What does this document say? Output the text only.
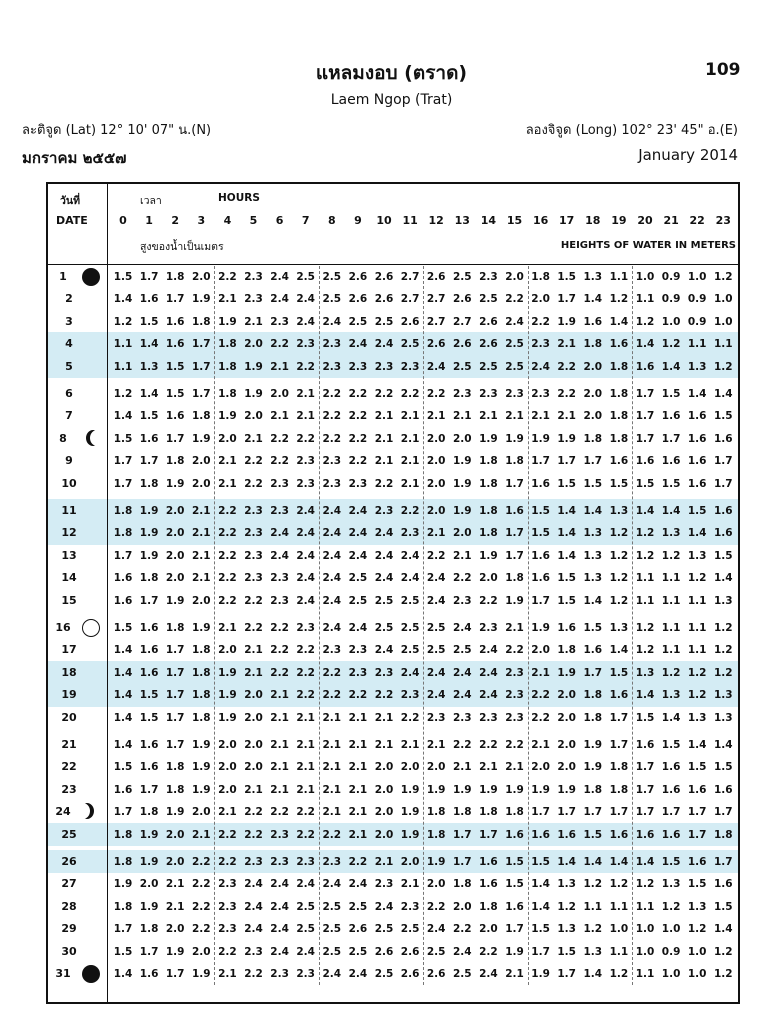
แหลมงอบ (ตราด)	109
Laem Ngop (Trat)
ละติจูด (Lat) 12° 10' 07" น.(N)	ลองจิจูด (Long) 102° 23' 45" อ.(E)
มกราคม ๒๕๕๗	January 2014
วันที่
DATE
เวลา	HOURS
สูงของน้ำเป็นเมตร	HEIGHTS OF WATER IN METERS
0	1	2	3	4	5	6	7	8	9	10 11 12 13 14 15 16 17 18 19 20 21 22 23
1	1.5 1.7 1.8 2.0 2.2 2.3 2.4 2.5 2.5 2.6 2.6 2.7 2.6 2.5 2.3 2.0 1.8 1.5 1.3 1.1 1.0 0.9 1.0 1.2
2	1.4 1.6 1.7 1.9 2.1 2.3 2.4 2.4 2.5 2.6 2.6 2.7 2.7 2.6 2.5 2.2 2.0 1.7 1.4 1.2 1.1 0.9 0.9 1.0
3	1.2 1.5 1.6 1.8 1.9 2.1 2.3 2.4 2.4 2.5 2.5 2.6 2.7 2.7 2.6 2.4 2.2 1.9 1.6 1.4 1.2 1.0 0.9 1.0
4	1.1 1.4 1.6 1.7 1.8 2.0 2.2 2.3 2.3 2.4 2.4 2.5 2.6 2.6 2.6 2.5 2.3 2.1 1.8 1.6 1.4 1.2 1.1 1.1
5	1.1 1.3 1.5 1.7 1.8 1.9 2.1 2.2 2.3 2.3 2.3 2.3 2.4 2.5 2.5 2.5 2.4 2.2 2.0 1.8 1.6 1.4 1.3 1.2
6	1.2 1.4 1.5 1.7 1.8 1.9 2.0 2.1 2.2 2.2 2.2 2.2 2.2 2.3 2.3 2.3 2.3 2.2 2.0 1.8 1.7 1.5 1.4 1.4
7	1.4 1.5 1.6 1.8 1.9 2.0 2.1 2.1 2.2 2.2 2.1 2.1 2.1 2.1 2.1 2.1 2.1 2.1 2.0 1.8 1.7 1.6 1.6 1.5
8	1.5 1.6 1.7 1.9 2.0 2.1 2.2 2.2 2.2 2.2 2.1 2.1 2.0 2.0 1.9 1.9 1.9 1.9 1.8 1.8 1.7 1.7 1.6 1.6
9	1.7 1.7 1.8 2.0 2.1 2.2 2.2 2.3 2.3 2.2 2.1 2.1 2.0 1.9 1.8 1.8 1.7 1.7 1.7 1.6 1.6 1.6 1.6 1.7
10	1.7 1.8 1.9 2.0 2.1 2.2 2.3 2.3 2.3 2.3 2.2 2.1 2.0 1.9 1.8 1.7 1.6 1.5 1.5 1.5 1.5 1.5 1.6 1.7
11	1.8 1.9 2.0 2.1 2.2 2.3 2.3 2.4 2.4 2.4 2.3 2.2 2.0 1.9 1.8 1.6 1.5 1.4 1.4 1.3 1.4 1.4 1.5 1.6
12	1.8 1.9 2.0 2.1 2.2 2.3 2.4 2.4 2.4 2.4 2.4 2.3 2.1 2.0 1.8 1.7 1.5 1.4 1.3 1.2 1.2 1.3 1.4 1.6
13	1.7 1.9 2.0 2.1 2.2 2.3 2.4 2.4 2.4 2.4 2.4 2.4 2.2 2.1 1.9 1.7 1.6 1.4 1.3 1.2 1.2 1.2 1.3 1.5
14	1.6 1.8 2.0 2.1 2.2 2.3 2.3 2.4 2.4 2.5 2.4 2.4 2.4 2.2 2.0 1.8 1.6 1.5 1.3 1.2 1.1 1.1 1.2 1.4
15	1.6 1.7 1.9 2.0 2.2 2.2 2.3 2.4 2.4 2.5 2.5 2.5 2.4 2.3 2.2 1.9 1.7 1.5 1.4 1.2 1.1 1.1 1.1 1.3
16	1.5 1.6 1.8 1.9 2.1 2.2 2.2 2.3 2.4 2.4 2.5 2.5 2.5 2.4 2.3 2.1 1.9 1.6 1.5 1.3 1.2 1.1 1.1 1.2
17	1.4 1.6 1.7 1.8 2.0 2.1 2.2 2.2 2.3 2.3 2.4 2.5 2.5 2.5 2.4 2.2 2.0 1.8 1.6 1.4 1.2 1.1 1.1 1.2
18	1.4 1.6 1.7 1.8 1.9 2.1 2.2 2.2 2.2 2.3 2.3 2.4 2.4 2.4 2.4 2.3 2.1 1.9 1.7 1.5 1.3 1.2 1.2 1.2
19	1.4 1.5 1.7 1.8 1.9 2.0 2.1 2.2 2.2 2.2 2.2 2.3 2.4 2.4 2.4 2.3 2.2 2.0 1.8 1.6 1.4 1.3 1.2 1.3
20	1.4 1.5 1.7 1.8 1.9 2.0 2.1 2.1 2.1 2.1 2.1 2.2 2.3 2.3 2.3 2.3 2.2 2.0 1.8 1.7 1.5 1.4 1.3 1.3
21	1.4 1.6 1.7 1.9 2.0 2.0 2.1 2.1 2.1 2.1 2.1 2.1 2.1 2.2 2.2 2.2 2.1 2.0 1.9 1.7 1.6 1.5 1.4 1.4
22	1.5 1.6 1.8 1.9 2.0 2.0 2.1 2.1 2.1 2.1 2.0 2.0 2.0 2.1 2.1 2.1 2.0 2.0 1.9 1.8 1.7 1.6 1.5 1.5
23	1.6 1.7 1.8 1.9 2.0 2.1 2.1 2.1 2.1 2.1 2.0 1.9 1.9 1.9 1.9 1.9 1.9 1.9 1.8 1.8 1.7 1.6 1.6 1.6
24	1.7 1.8 1.9 2.0 2.1 2.2 2.2 2.2 2.1 2.1 2.0 1.9 1.8 1.8 1.8 1.8 1.7 1.7 1.7 1.7 1.7 1.7 1.7 1.7
25	1.8 1.9 2.0 2.1 2.2 2.2 2.3 2.2 2.2 2.1 2.0 1.9 1.8 1.7 1.7 1.6 1.6 1.6 1.5 1.6 1.6 1.6 1.7 1.8
26	1.8 1.9 2.0 2.2 2.2 2.3 2.3 2.3 2.3 2.2 2.1 2.0 1.9 1.7 1.6 1.5 1.5 1.4 1.4 1.4 1.4 1.5 1.6 1.7
27	1.9 2.0 2.1 2.2 2.3 2.4 2.4 2.4 2.4 2.4 2.3 2.1 2.0 1.8 1.6 1.5 1.4 1.3 1.2 1.2 1.2 1.3 1.5 1.6
28	1.8 1.9 2.1 2.2 2.3 2.4 2.4 2.5 2.5 2.5 2.4 2.3 2.2 2.0 1.8 1.6 1.4 1.2 1.1 1.1 1.1 1.2 1.3 1.5
29	1.7 1.8 2.0 2.2 2.3 2.4 2.4 2.5 2.5 2.6 2.5 2.5 2.4 2.2 2.0 1.7 1.5 1.3 1.2 1.0 1.0 1.0 1.2 1.4
30	1.5 1.7 1.9 2.0 2.2 2.3 2.4 2.4 2.5 2.5 2.6 2.6 2.5 2.4 2.2 1.9 1.7 1.5 1.3 1.1 1.0 0.9 1.0 1.2
31	1.4 1.6 1.7 1.9 2.1 2.2 2.3 2.3 2.4 2.4 2.5 2.6 2.6 2.5 2.4 2.1 1.9 1.7 1.4 1.2 1.1 1.0 1.0 1.2
